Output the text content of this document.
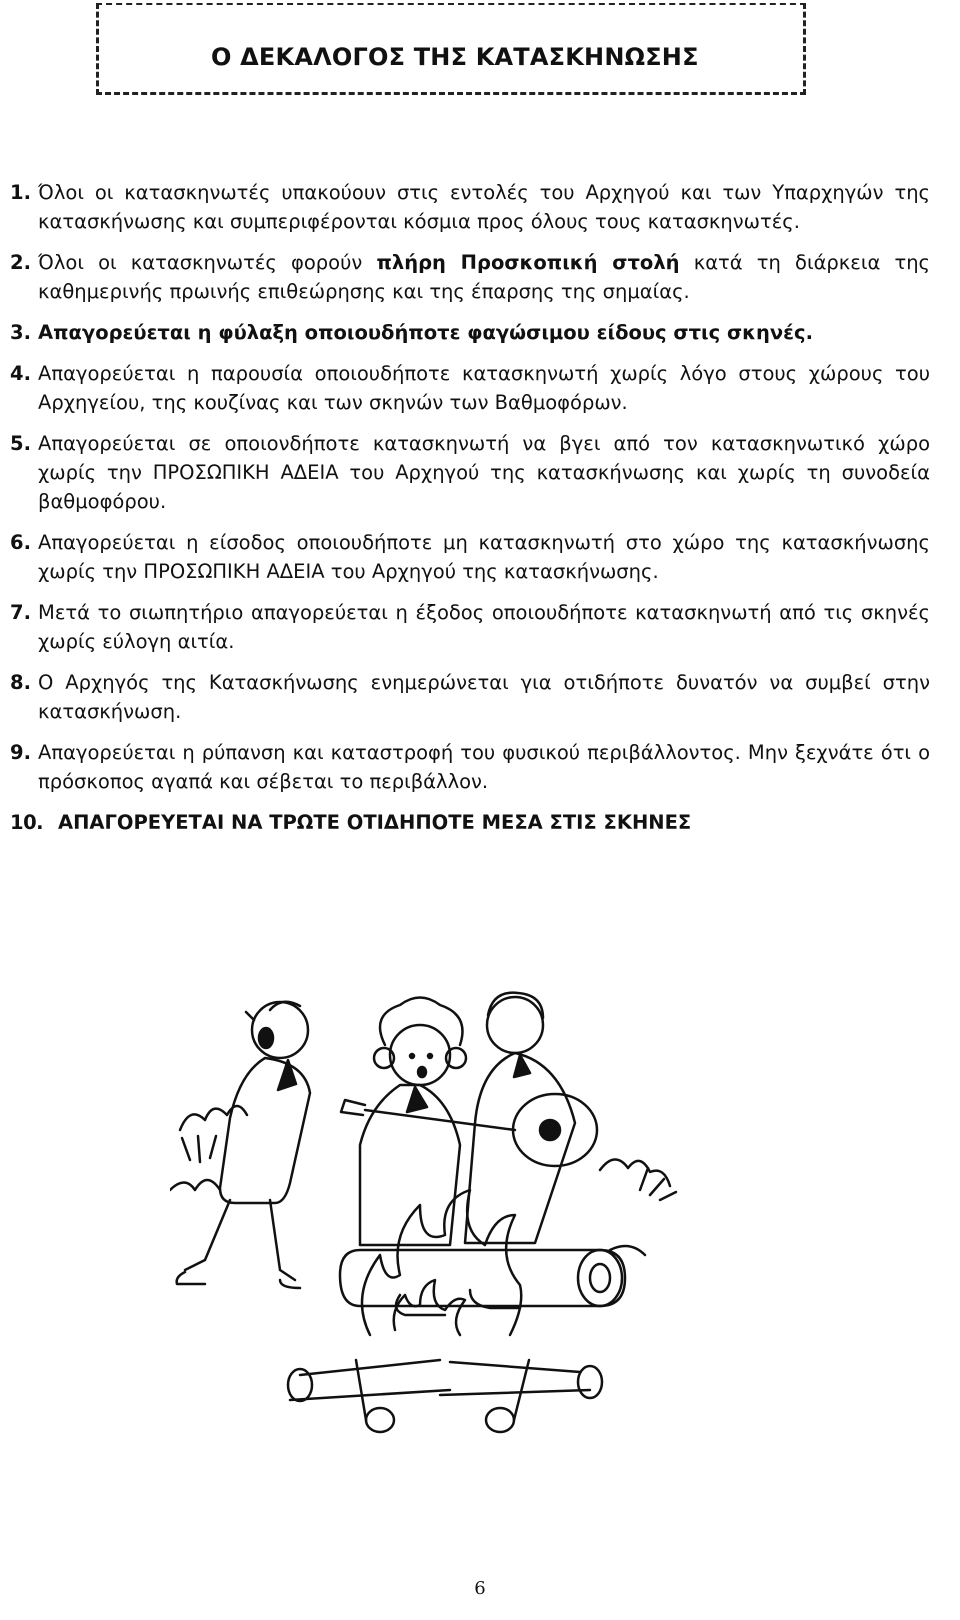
Ο ΔΕΚΑΛΟΓΟΣ ΤΗΣ ΚΑΤΑΣΚΗΝΩΣΗΣ
1. Όλοι οι κατασκηνωτές υπακούουν στις εντολές του Αρχηγού και των Υπαρχηγών της κατασκήνωσης και συμπεριφέρονται κόσμια προς όλους τους κατασκηνωτές.
2. Όλοι οι κατασκηνωτές φορούν πλήρη Προσκοπική στολή κατά τη διάρκεια της καθημερινής πρωινής επιθεώρησης και της έπαρσης της σημαίας.
3. Απαγορεύεται η φύλαξη οποιουδήποτε φαγώσιμου είδους στις σκηνές.
4. Απαγορεύεται η παρουσία οποιουδήποτε κατασκηνωτή χωρίς λόγο στους χώρους του Αρχηγείου, της κουζίνας και των σκηνών των Βαθμοφόρων.
5. Απαγορεύεται σε οποιονδήποτε κατασκηνωτή να βγει από τον κατασκηνωτικό χώρο χωρίς την ΠΡΟΣΩΠΙΚΗ ΑΔΕΙΑ του Αρχηγού της κατασκήνωσης και χωρίς τη συνοδεία βαθμοφόρου.
6. Απαγορεύεται η είσοδος οποιουδήποτε μη κατασκηνωτή στο χώρο της κατασκήνωσης χωρίς την ΠΡΟΣΩΠΙΚΗ ΑΔΕΙΑ του Αρχηγού της κατασκήνωσης.
7. Μετά το σιωπητήριο απαγορεύεται η έξοδος οποιουδήποτε κατασκηνωτή από τις σκηνές χωρίς εύλογη αιτία.
8. Ο Αρχηγός της Κατασκήνωσης ενημερώνεται για οτιδήποτε δυνατόν να συμβεί στην κατασκήνωση.
9. Απαγορεύεται η ρύπανση και καταστροφή του φυσικού περιβάλλοντος. Μην ξεχνάτε ότι ο πρόσκοπος αγαπά και σέβεται το περιβάλλον.
10. ΑΠΑΓΟΡΕΥΕΤΑΙ ΝΑ ΤΡΩΤΕ ΟΤΙΔΗΠΟΤΕ ΜΕΣΑ ΣΤΙΣ ΣΚΗΝΕΣ
6
